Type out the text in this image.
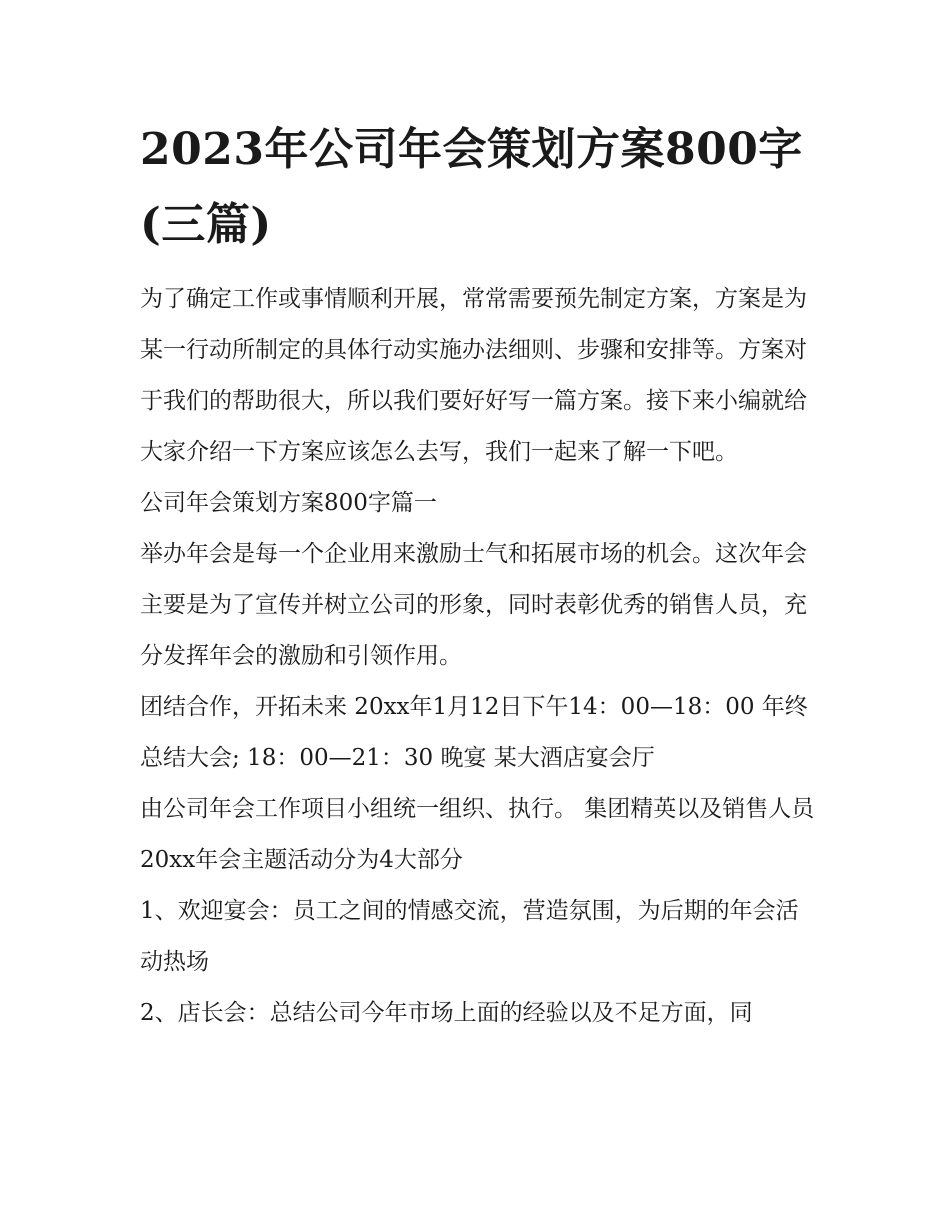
2023年公司年会策划方案800字(三篇)

为了确定工作或事情顺利开展，常常需要预先制定方案，方案是为某一行动所制定的具体行动实施办法细则、步骤和安排等。方案对于我们的帮助很大，所以我们要好好写一篇方案。接下来小编就给大家介绍一下方案应该怎么去写，我们一起来了解一下吧。

公司年会策划方案800字篇一

举办年会是每一个企业用来激励士气和拓展市场的机会。这次年会主要是为了宣传并树立公司的形象，同时表彰优秀的销售人员，充分发挥年会的激励和引领作用。

团结合作，开拓未来 20xx年1月12日下午14：00—18：00 年终总结大会; 18：00—21：30 晚宴 某大酒店宴会厅

由公司年会工作项目小组统一组织、执行。 集团精英以及销售人员 20xx年会主题活动分为4大部分

1、欢迎宴会：员工之间的情感交流，营造氛围，为后期的年会活动热场

2、店长会：总结公司今年市场上面的经验以及不足方面，同
